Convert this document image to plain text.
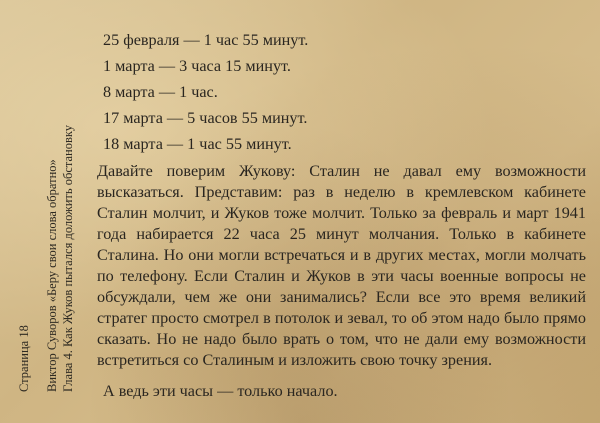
Страница 18 Виктор Суворов «Беру свои слова обратно» Глава 4. Как Жуков пытался доложить обстановку
25 февраля — 1 час 55 минут.
1 марта — 3 часа 15 минут.
8 марта — 1 час.
17 марта — 5 часов 55 минут.
18 марта — 1 час 55 минут.

Давайте поверим Жукову: Сталин не давал ему возможности высказаться. Представим: раз в неделю в кремлевском кабинете Сталин молчит, и Жуков тоже молчит. Только за февраль и март 1941 года набирается 22 часа 25 минут молчания. Только в кабинете Сталина. Но они могли встречаться и в других местах, могли молчать по телефону. Если Сталин и Жуков в эти часы военные вопросы не обсуждали, чем же они занимались? Если все это время великий стратег просто смотрел в потолок и зевал, то об этом надо было прямо сказать. Но не надо было врать о том, что не дали ему возможности встретиться со Сталиным и изложить свою точку зрения.

А ведь эти часы — только начало.
